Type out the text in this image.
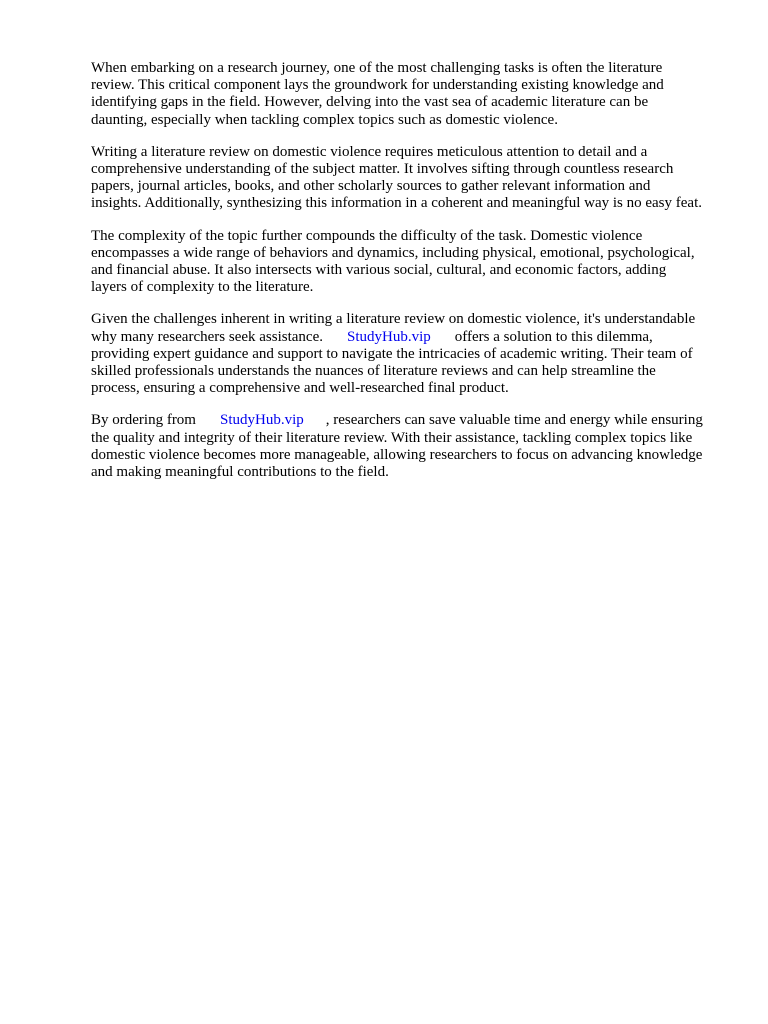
When embarking on a research journey, one of the most challenging tasks is often the literature
review. This critical component lays the groundwork for understanding existing knowledge and
identifying gaps in the field. However, delving into the vast sea of academic literature can be
daunting, especially when tackling complex topics such as domestic violence.

Writing a literature review on domestic violence requires meticulous attention to detail and a
comprehensive understanding of the subject matter. It involves sifting through countless research
papers, journal articles, books, and other scholarly sources to gather relevant information and
insights. Additionally, synthesizing this information in a coherent and meaningful way is no easy feat.

The complexity of the topic further compounds the difficulty of the task. Domestic violence
encompasses a wide range of behaviors and dynamics, including physical, emotional, psychological,
and financial abuse. It also intersects with various social, cultural, and economic factors, adding
layers of complexity to the literature.

Given the challenges inherent in writing a literature review on domestic violence, it's understandable
why many researchers seek assistance. StudyHub.vip offers a solution to this dilemma,
providing expert guidance and support to navigate the intricacies of academic writing. Their team of
skilled professionals understands the nuances of literature reviews and can help streamline the
process, ensuring a comprehensive and well-researched final product.

By ordering from StudyHub.vip , researchers can save valuable time and energy while ensuring
the quality and integrity of their literature review. With their assistance, tackling complex topics like
domestic violence becomes more manageable, allowing researchers to focus on advancing knowledge
and making meaningful contributions to the field.
